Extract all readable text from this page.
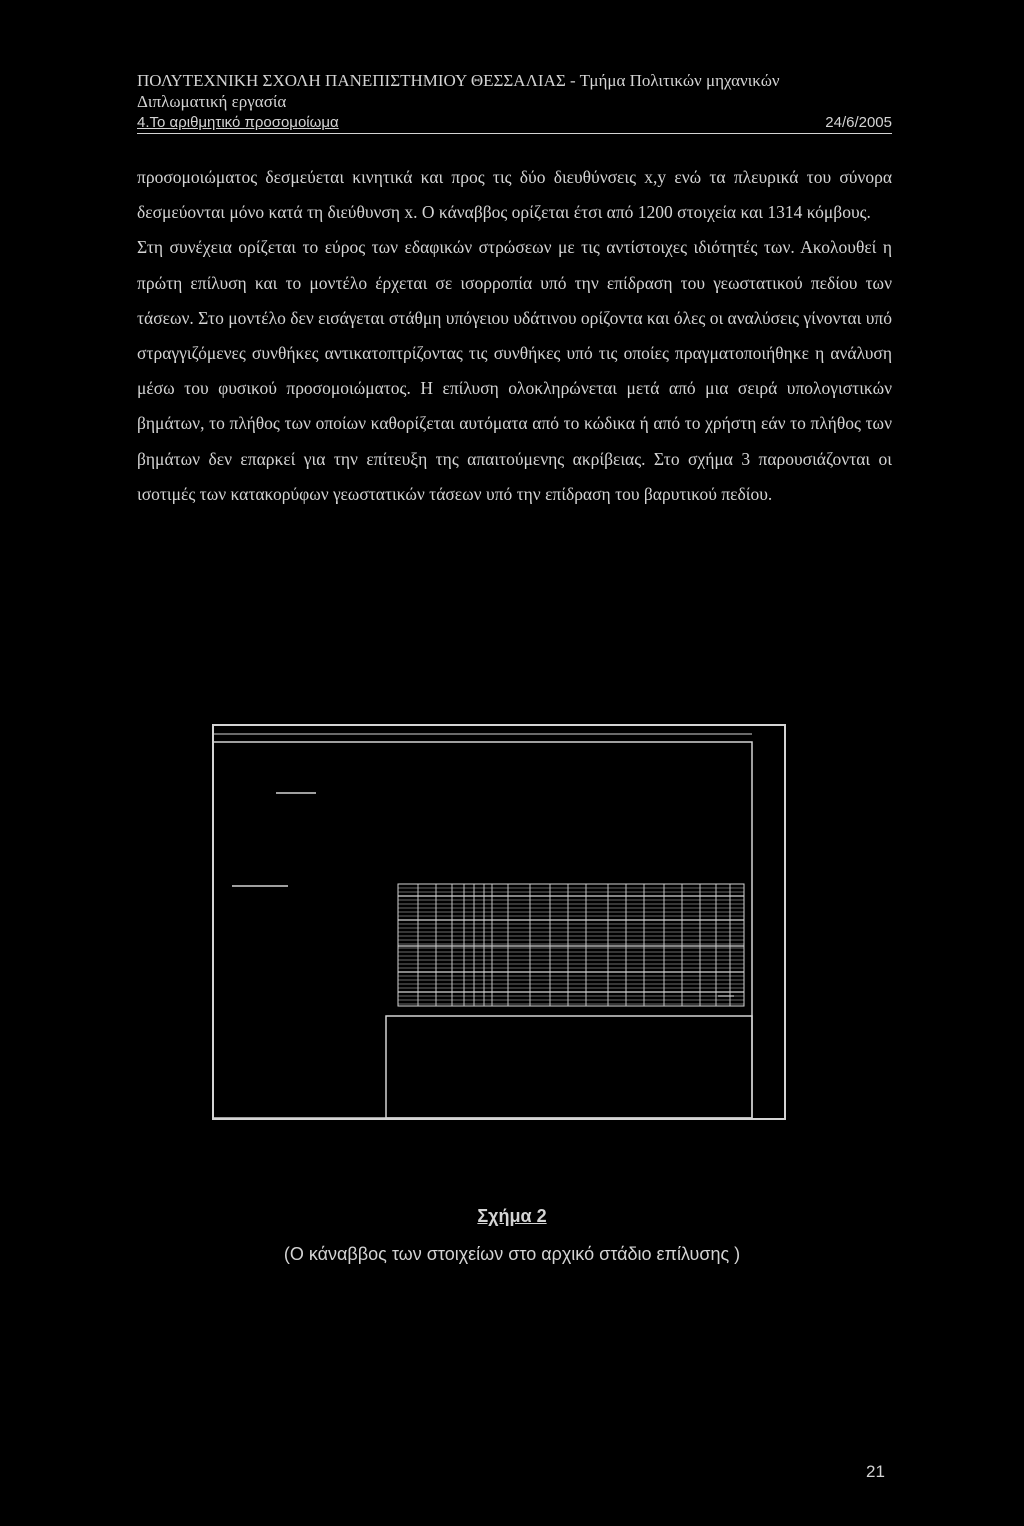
ΠΟΛΥΤΕΧΝΙΚΗ ΣΧΟΛΗ ΠΑΝΕΠΙΣΤΗΜΙΟΥ ΘΕΣΣΑΛΙΑΣ - Τμήμα Πολιτικών μηχανικών
Διπλωματική εργασία
4.Το αριθμητικό προσομοίωμα	24/6/2005

προσομοιώματος δεσμεύεται κινητικά και προς τις δύο διευθύνσεις x,y ενώ τα πλευρικά του σύνορα δεσμεύονται μόνο κατά τη διεύθυνση x. Ο κάναββος ορίζεται έτσι από 1200 στοιχεία και 1314 κόμβους.

Στη συνέχεια ορίζεται το εύρος των εδαφικών στρώσεων με τις αντίστοιχες ιδιότητές των. Ακολουθεί η πρώτη επίλυση και το μοντέλο έρχεται σε ισορροπία υπό την επίδραση του γεωστατικού πεδίου των τάσεων. Στο μοντέλο δεν εισάγεται στάθμη υπόγειου υδάτινου ορίζοντα και όλες οι αναλύσεις γίνονται υπό στραγγιζόμενες συνθήκες αντικατοπτρίζοντας τις συνθήκες υπό τις οποίες πραγματοποιήθηκε η ανάλυση μέσω του φυσικού προσομοιώματος. Η επίλυση ολοκληρώνεται μετά από μια σειρά υπολογιστικών βημάτων, το πλήθος των οποίων καθορίζεται αυτόματα από το κώδικα ή από το χρήστη εάν το πλήθος των βημάτων δεν επαρκεί για την επίτευξη της απαιτούμενης ακρίβειας. Στο σχήμα 3 παρουσιάζονται οι ισοτιμές των κατακορύφων γεωστατικών τάσεων υπό την επίδραση του βαρυτικού πεδίου.

Σχήμα 2
(Ο κάναββος των στοιχείων στο αρχικό στάδιο επίλυσης )
21
